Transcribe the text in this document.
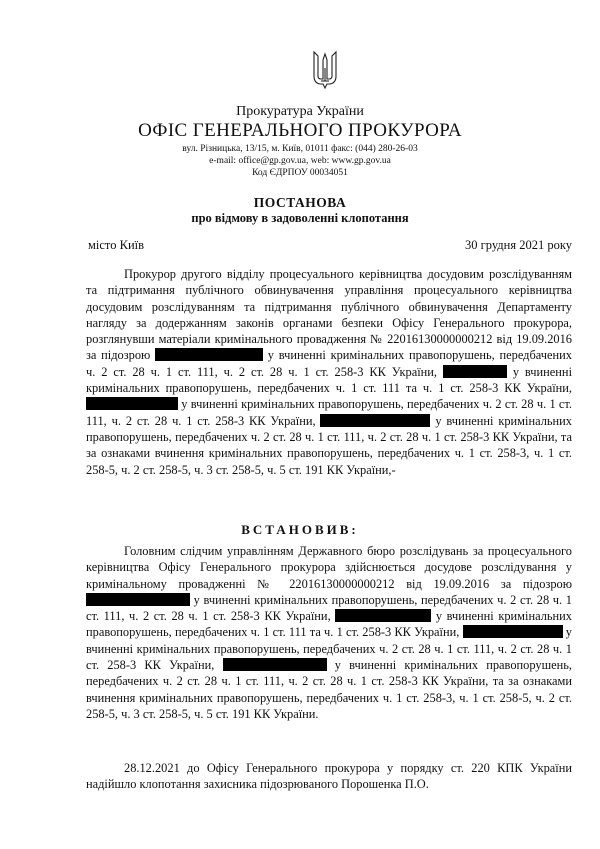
Прокуратура України

ОФІС ГЕНЕРАЛЬНОГО ПРОКУРОРА

вул. Різницька, 13/15, м. Київ, 01011 факс: (044) 280-26-03

e-mail: office@gp.gov.ua, web: www.gp.gov.ua

Код ЄДРПОУ 00034051

ПОСТАНОВА

про відмову в задоволенні клопотання

місто Київ	30 грудня 2021 року

Прокурор другого відділу процесуального керівництва досудовим розслідуванням та підтримання публічного обвинувачення управління процесуального керівництва досудовим розслідуванням та підтримання публічного обвинувачення Департаменту нагляду за додержанням законів органами безпеки Офісу Генерального прокурора, розглянувши матеріали кримінального провадження № 22016130000000212 від 19.09.2016 за підозрою	у вчиненні кримінальних правопорушень, передбачених ч. 2 ст. 28 ч. 1 ст. 111, ч. 2 ст. 28 ч. 1 ст. 258-3 КК України,	у вчиненні кримінальних правопорушень, передбачених ч. 1 ст. 111 та ч. 1 ст. 258-3 КК України,  у вчиненні кримінальних правопорушень, передбачених ч. 2 ст. 28 ч. 1 ст. 111, ч. 2 ст. 28 ч. 1 ст. 258-3 КК України,	у вчиненні кримінальних правопорушень, передбачених ч. 2 ст. 28 ч. 1 ст. 111, ч. 2 ст. 28 ч. 1 ст. 258-3 КК України, та за ознаками вчинення кримінальних правопорушень, передбачених ч. 1 ст. 258-3, ч. 1 ст. 258-5, ч. 2 ст. 258-5, ч. 3 ст. 258-5, ч. 5 ст. 191 КК України,-

ВСТАНОВИВ:

Головним слідчим управлінням Державного бюро розслідувань за процесуального керівництва Офісу Генерального прокурора здійснюється досудове розслідування у кримінальному провадженні № 22016130000000212 від 19.09.2016 за підозрою  у вчиненні кримінальних правопорушень, передбачених ч. 2 ст. 28 ч. 1 ст. 111, ч. 2 ст. 28 ч. 1 ст. 258-3 КК України,	у вчиненні кримінальних правопорушень, передбачених ч. 1 ст. 111 та ч. 1 ст. 258-3 КК України,	у вчиненні кримінальних правопорушень, передбачених ч. 2 ст. 28 ч. 1 ст. 111, ч. 2 ст. 28 ч. 1 ст. 258-3 КК України,	у вчиненні кримінальних правопорушень, передбачених ч. 2 ст. 28 ч. 1 ст. 111, ч. 2 ст. 28 ч. 1 ст. 258-3 КК України, та за ознаками вчинення кримінальних правопорушень, передбачених ч. 1 ст. 258-3, ч. 1 ст. 258-5, ч. 2 ст. 258-5, ч. 3 ст. 258-5, ч. 5 ст. 191 КК України.

28.12.2021 до Офісу Генерального прокурора у порядку ст. 220 КПК України надійшло клопотання захисника підозрюваного Порошенка П.О.
